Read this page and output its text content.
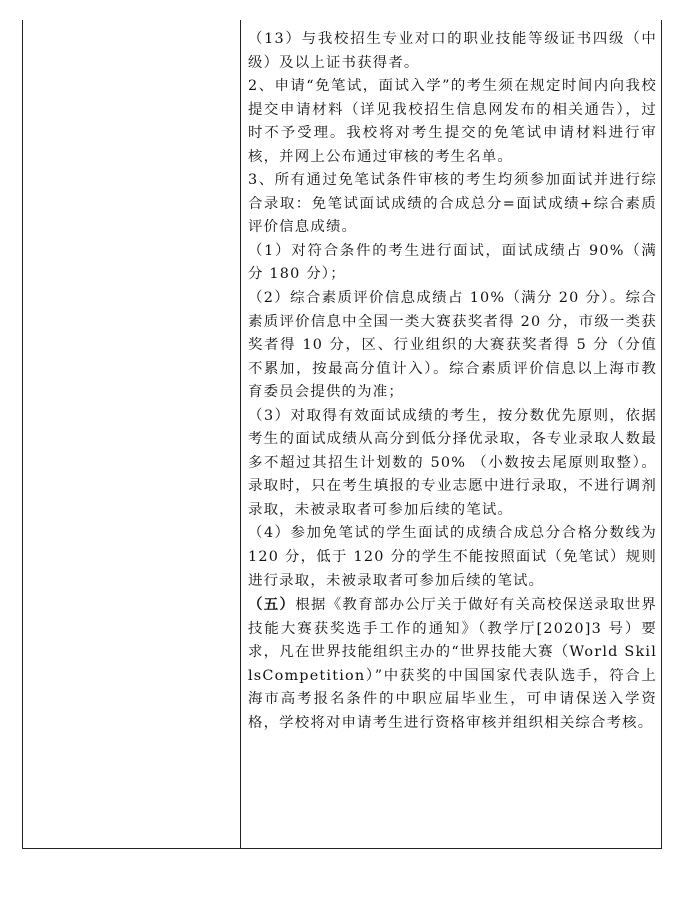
（13）与我校招生专业对口的职业技能等级证书四级（中级）及以上证书获得者。

2、申请“免笔试，面试入学”的考生须在规定时间内向我校提交申请材料（详见我校招生信息网发布的相关通告），过时不予受理。我校将对考生提交的免笔试申请材料进行审核，并网上公布通过审核的考生名单。

3、所有通过免笔试条件审核的考生均须参加面试并进行综合录取：免笔试面试成绩的合成总分=面试成绩+综合素质评价信息成绩。

（1）对符合条件的考生进行面试，面试成绩占 90%（满分 180 分）；

（2）综合素质评价信息成绩占 10%（满分 20 分）。综合素质评价信息中全国一类大赛获奖者得 20 分，市级一类获奖者得 10 分，区、行业组织的大赛获奖者得 5 分（分值不累加，按最高分值计入）。综合素质评价信息以上海市教育委员会提供的为准；

（3）对取得有效面试成绩的考生，按分数优先原则，依据考生的面试成绩从高分到低分择优录取，各专业录取人数最多不超过其招生计划数的 50% （小数按去尾原则取整）。录取时，只在考生填报的专业志愿中进行录取，不进行调剂录取，未被录取者可参加后续的笔试。

（4）参加免笔试的学生面试的成绩合成总分合格分数线为 120 分，低于 120 分的学生不能按照面试（免笔试）规则进行录取，未被录取者可参加后续的笔试。

（五）根据《教育部办公厅关于做好有关高校保送录取世界技能大赛获奖选手工作的通知》（教学厅[2020]3 号）要求，凡在世界技能组织主办的“世界技能大赛（World SkillsCompetition）”中获奖的中国国家代表队选手，符合上海市高考报名条件的中职应届毕业生，可申请保送入学资格，学校将对申请考生进行资格审核并组织相关综合考核。
